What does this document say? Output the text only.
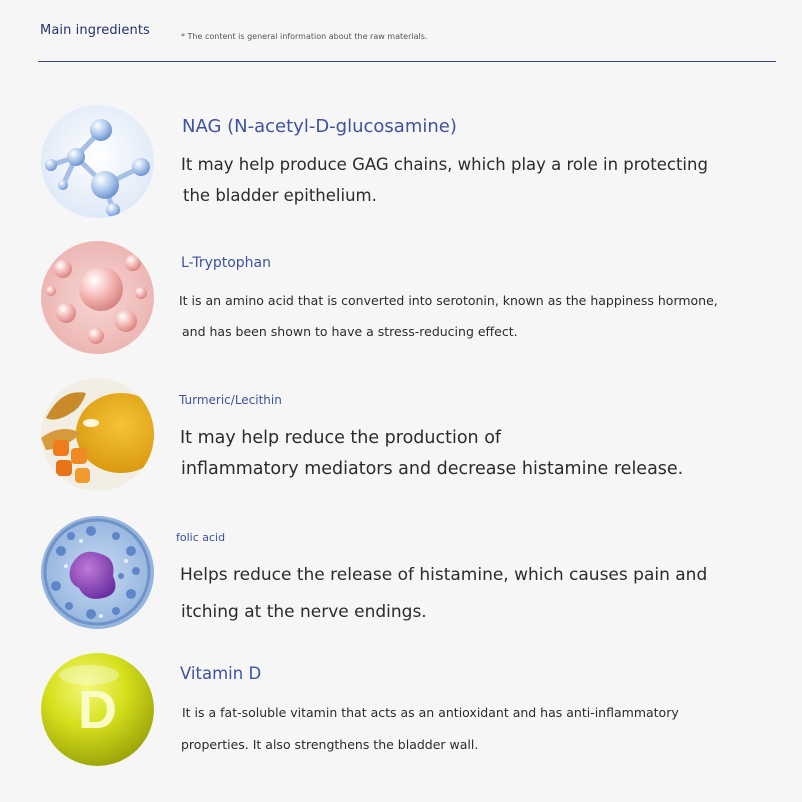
Main ingredients	* The content is general information about the raw materials.
NAG (N-acetyl-D-glucosamine)
It may help produce GAG chains, which play a role in protecting
the bladder epithelium.
L-Tryptophan
It is an amino acid that is converted into serotonin, known as the happiness hormone,
and has been shown to have a stress-reducing effect.
Turmeric/Lecithin
It may help reduce the production of
inflammatory mediators and decrease histamine release.
folic acid
Helps reduce the release of histamine, which causes pain and
itching at the nerve endings.
D
Vitamin D
It is a fat-soluble vitamin that acts as an antioxidant and has anti-inflammatory
properties. It also strengthens the bladder wall.
